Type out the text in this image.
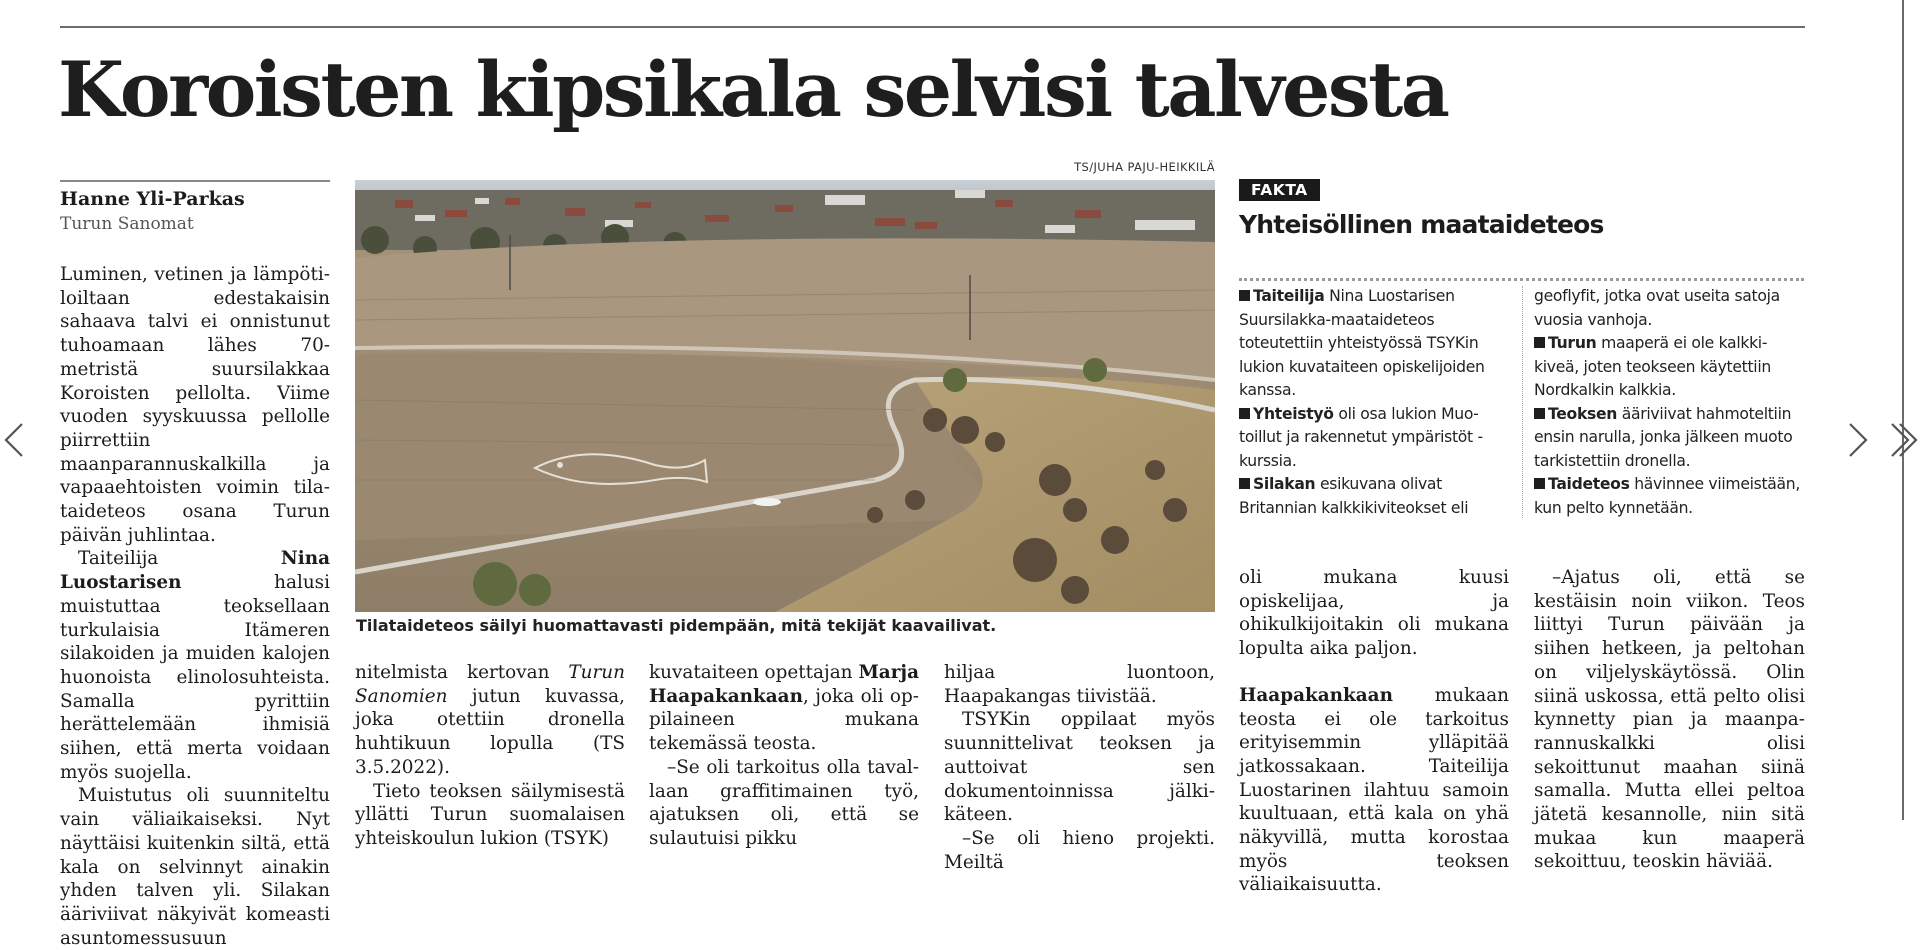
Koroisten kipsikala selvisi talvesta
Hanne Yli-Parkas
Turun Sanomat

Luminen, vetinen ja lämpötiloiltaan edestakaisin sahaava talvi ei onnistunut tuhoamaan lähes 70-metristä suursilakkaa Koroisten pellolta. Viime vuoden syyskuussa pellolle piirrettiin maanparannuskalkilla ja vapaaehtoisten voimin tilataideteos osana Turun päivän juhlintaa.

Taiteilija Nina Luostarisen halusi muistuttaa teoksellaan turkulaisia Itämeren silakoiden ja muiden kalojen huonoista elinolosuhteista. Samalla pyrittiin herättelemään ihmisiä siihen, että merta voidaan myös suojella.

Muistutus oli suunniteltu vain väliaikaiseksi. Nyt näyttäisi kuitenkin siltä, että kala on selvinnyt ainakin yhden talven yli. Silakan ääriviivat näkyivät komeasti asuntomessusuun

TS/JUHA PAJU-HEIKKILÄ
Tilataideteos säilyi huomattavasti pidempään, mitä tekijät kaavailivat.

nitelmista kertovan Turun Sanomien jutun kuvassa, joka otettiin dronella huhtikuun lopulla (TS 3.5.2022).

Tieto teoksen säilymisestä yllätti Turun suomalaisen yhteiskoulun lukion (TSYK)

kuvataiteen opettajan Marja Haapakankaan, joka oli oppilaineen mukana tekemässä teosta.

–Se oli tarkoitus olla tavallaan graffitimainen työ, ajatuksen oli, että se sulautuisi pikku

hiljaa luontoon, Haapakangas tiivistää.

TSYKin oppilaat myös suunnittelivat teoksen ja auttoivat sen dokumentoinnissa jälkikäteen.

–Se oli hieno projekti. Meiltä

FAKTA
Yhteisöllinen maataideteos

Taiteilija Nina Luostarisen Suursilakka-maataideteos toteutettiin yhteistyössä TSYKin lukion kuvataiteen opiskelijoiden kanssa.

Yhteistyö oli osa lukion Muotoillut ja rakennetut ympäristöt -kurssia.

Silakan esikuvana olivat Britannian kalkkikiviteokset eli

geoflyfit, jotka ovat useita satoja vuosia vanhoja.

Turun maaperä ei ole kalkkikiveä, joten teokseen käytettiin Nordkalkin kalkkia.

Teoksen ääriviivat hahmoteltiin ensin narulla, jonka jälkeen muoto tarkistettiin dronella.

Taideteos hävinnee viimeistään, kun pelto kynnetään.

oli mukana kuusi opiskelijaa, ja ohikulkijoitakin oli mukana lopulta aika paljon.

Haapakankaan mukaan teosta ei ole tarkoitus erityisemmin ylläpitää jatkossakaan. Taiteilija Luostarinen ilahtuu samoin kuultuaan, että kala on yhä näkyvillä, mutta korostaa myös teoksen väliaikaisuutta.

–Ajatus oli, että se kestäisin noin viikon. Teos liittyi Turun päivään ja siihen hetkeen, ja peltohan on viljelyskäytössä. Olin siinä uskossa, että pelto olisi kynnetty pian ja maanparannuskalkki olisi sekoittunut maahan siinä samalla. Mutta ellei peltoa jätetä kesannolle, niin sitä mukaa kun maaperä sekoittuu, teoskin häviää.
